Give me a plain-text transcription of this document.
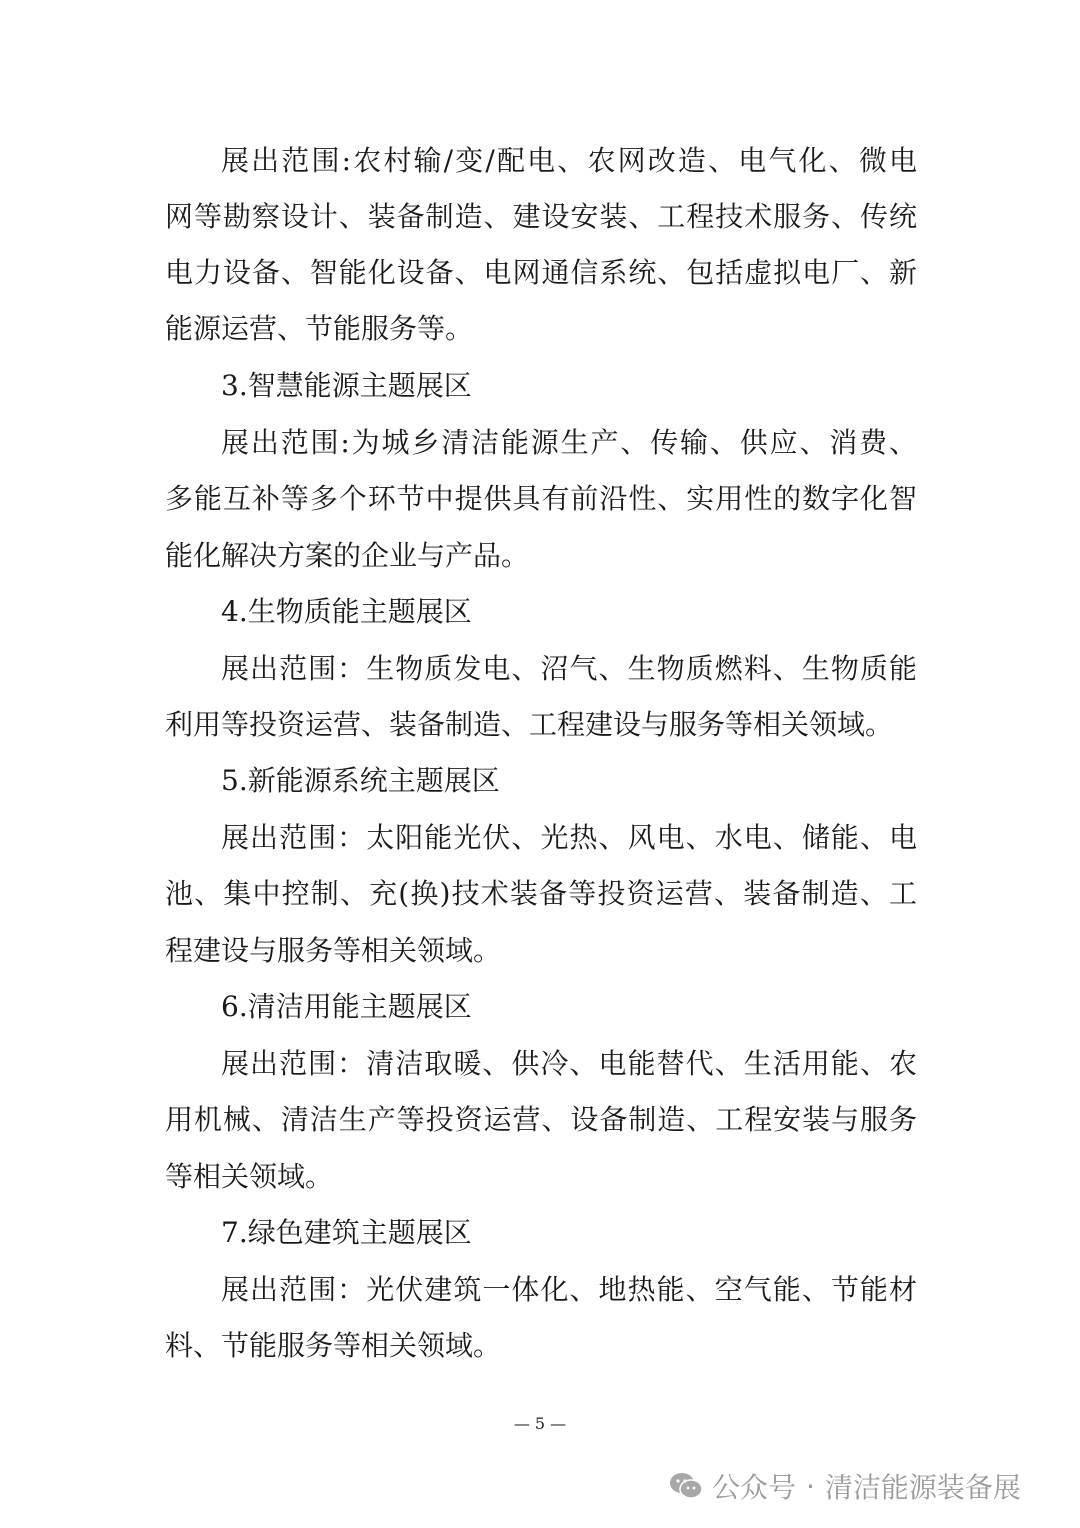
展出范围:农村输/变/配电、农网改造、电气化、微电
网等勘察设计、装备制造、建设安装、工程技术服务、传统
电力设备、智能化设备、电网通信系统、包括虚拟电厂、新
能源运营、节能服务等。
3.智慧能源主题展区
展出范围:为城乡清洁能源生产、传输、供应、消费、
多能互补等多个环节中提供具有前沿性、实用性的数字化智
能化解决方案的企业与产品。
4.生物质能主题展区
展出范围：生物质发电、沼气、生物质燃料、生物质能
利用等投资运营、装备制造、工程建设与服务等相关领域。
5.新能源系统主题展区
展出范围：太阳能光伏、光热、风电、水电、储能、电
池、集中控制、充(换)技术装备等投资运营、装备制造、工
程建设与服务等相关领域。
6.清洁用能主题展区
展出范围：清洁取暖、供冷、电能替代、生活用能、农
用机械、清洁生产等投资运营、设备制造、工程安装与服务
等相关领域。
7.绿色建筑主题展区
展出范围：光伏建筑一体化、地热能、空气能、节能材
料、节能服务等相关领域。
— 5 —
公众号 · 清洁能源装备展
